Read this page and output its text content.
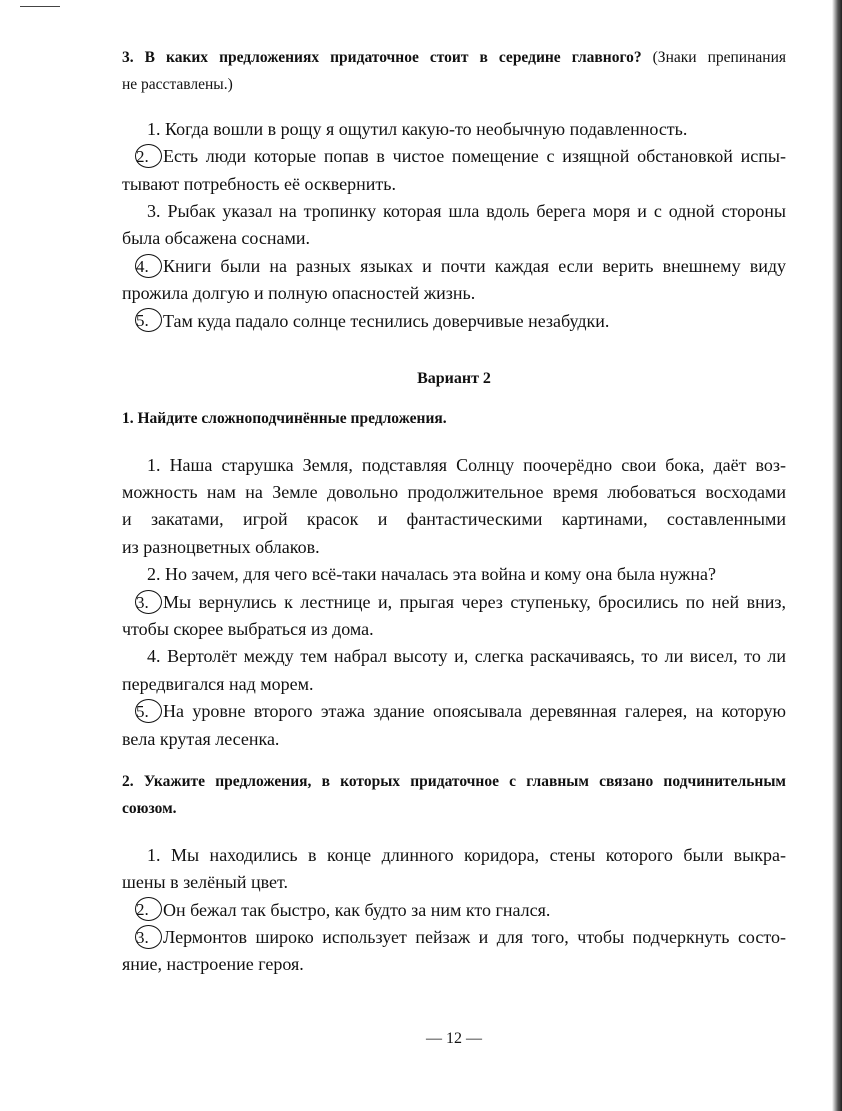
3. В каких предложениях придаточное стоит в середине главного? (Знаки препинания
не расставлены.)
1. Когда вошли в рощу я ощутил какую-то необычную подавленность.
2. Есть люди которые попав в чистое помещение с изящной обстановкой испы-
тывают потребность её осквернить.
3. Рыбак указал на тропинку которая шла вдоль берега моря и с одной стороны
была обсажена соснами.
4. Книги были на разных языках и почти каждая если верить внешнему виду
прожила долгую и полную опасностей жизнь.
5. Там куда падало солнце теснились доверчивые незабудки.
Вариант 2
1. Найдите сложноподчинённые предложения.
1. Наша старушка Земля, подставляя Солнцу поочерёдно свои бока, даёт воз-
можность нам на Земле довольно продолжительное время любоваться восходами
и закатами, игрой красок и фантастическими картинами, составленными
из разноцветных облаков.
2. Но зачем, для чего всё-таки началась эта война и кому она была нужна?
3. Мы вернулись к лестнице и, прыгая через ступеньку, бросились по ней вниз,
чтобы скорее выбраться из дома.
4. Вертолёт между тем набрал высоту и, слегка раскачиваясь, то ли висел, то ли
передвигался над морем.
5. На уровне второго этажа здание опоясывала деревянная галерея, на которую
вела крутая лесенка.
2. Укажите предложения, в которых придаточное с главным связано подчинительным
союзом.
1. Мы находились в конце длинного коридора, стены которого были выкра-
шены в зелёный цвет.
2. Он бежал так быстро, как будто за ним кто гнался.
3. Лермонтов широко использует пейзаж и для того, чтобы подчеркнуть состо-
яние, настроение героя.
— 12 —
